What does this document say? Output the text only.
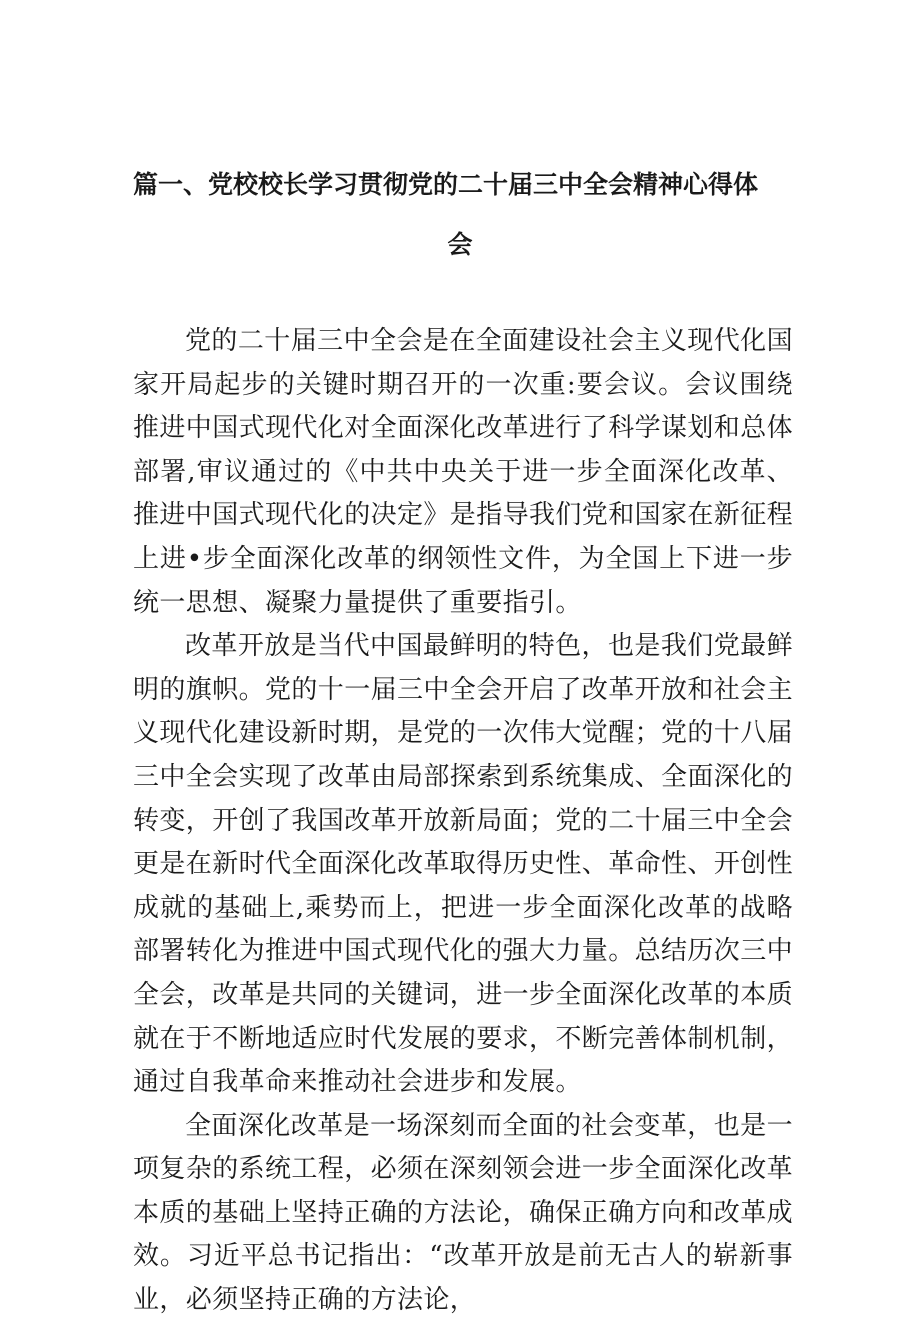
篇一、党校校长学习贯彻党的二十届三中全会精神心得体
会

党的二十届三中全会是在全面建设社会主义现代化国家开局起步的关键时期召开的一次重:要会议。会议围绕推进中国式现代化对全面深化改革进行了科学谋划和总体部署,审议通过的《中共中央关于进一步全面深化改革、推进中国式现代化的决定》是指导我们党和国家在新征程上进•步全面深化改革的纲领性文件，为全国上下进一步统一思想、凝聚力量提供了重要指引。

改革开放是当代中国最鲜明的特色，也是我们党最鲜明的旗帜。党的十一届三中全会开启了改革开放和社会主义现代化建设新时期，是党的一次伟大觉醒；党的十八届三中全会实现了改革由局部探索到系统集成、全面深化的转变，开创了我国改革开放新局面；党的二十届三中全会更是在新时代全面深化改革取得历史性、革命性、开创性成就的基础上,乘势而上，把进一步全面深化改革的战略部署转化为推进中国式现代化的强大力量。总结历次三中全会，改革是共同的关键词，进一步全面深化改革的本质就在于不断地适应时代发展的要求，不断完善体制机制，通过自我革命来推动社会进步和发展。

全面深化改革是一场深刻而全面的社会变革，也是一项复杂的系统工程，必须在深刻领会进一步全面深化改革本质的基础上坚持正确的方法论，确保正确方向和改革成效。习近平总书记指出：“改革开放是前无古人的崭新事业，必须坚持正确的方法论，
